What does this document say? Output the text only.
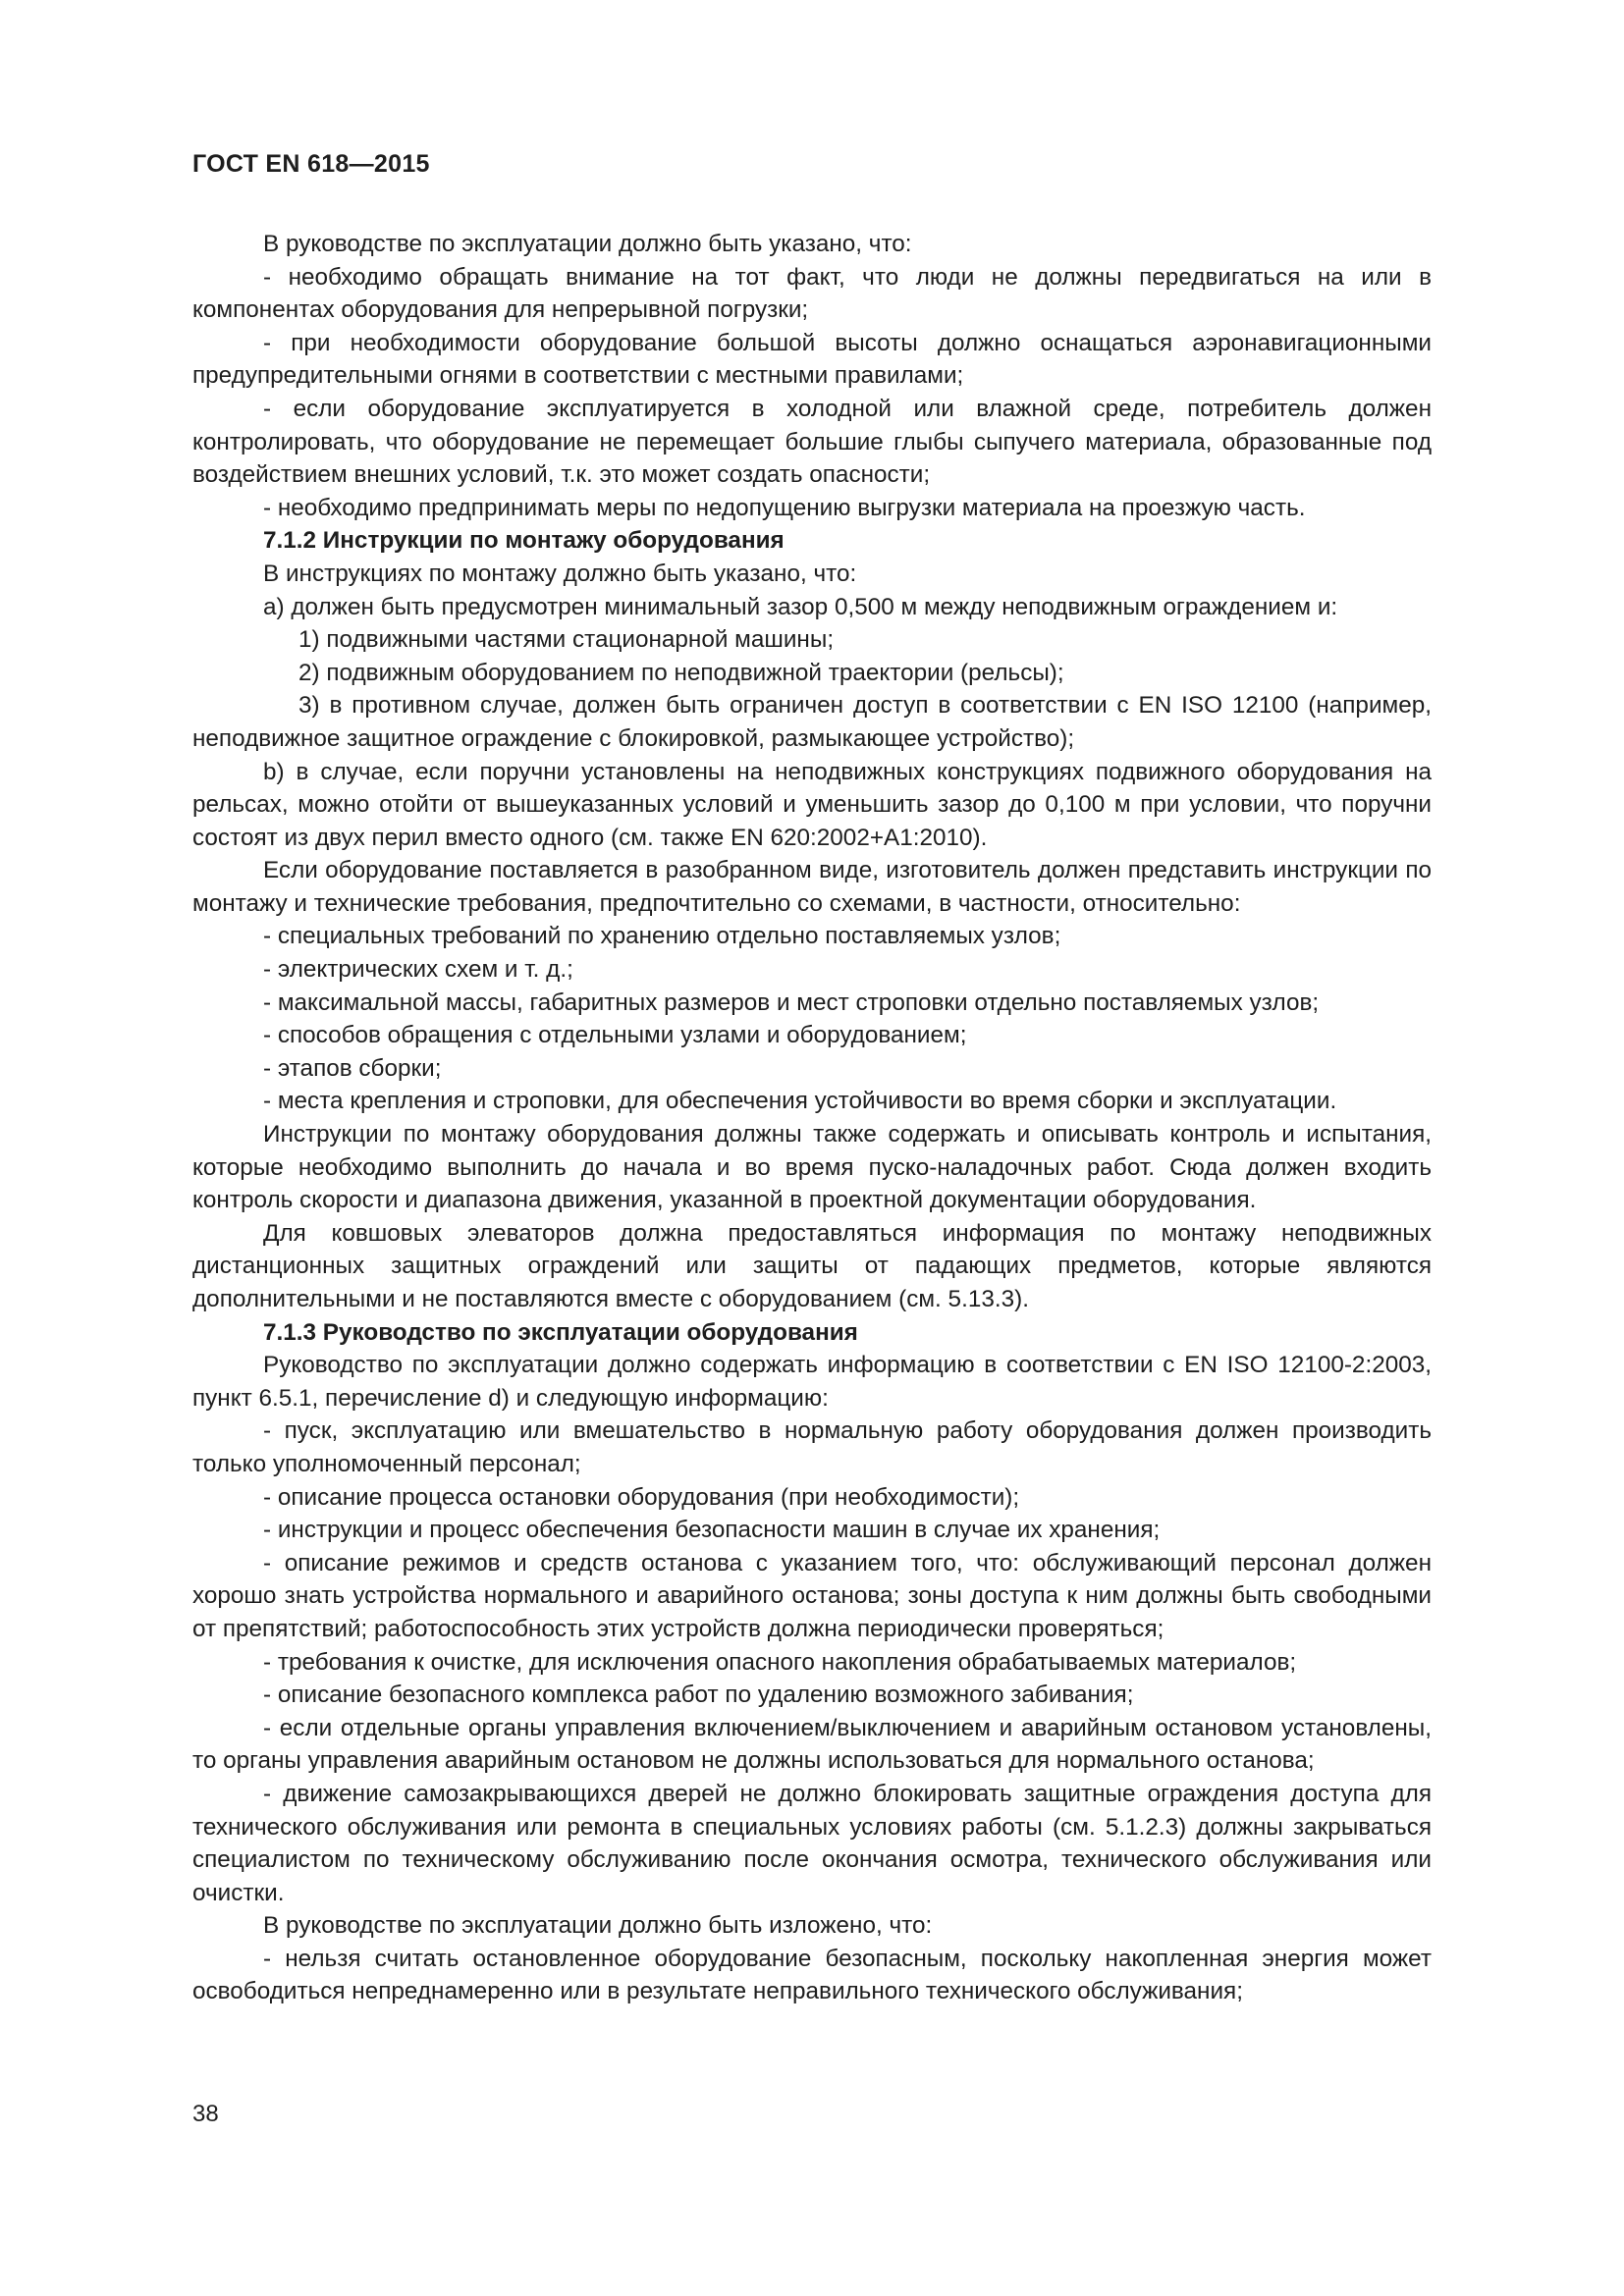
ГОСТ EN 618—2015

В руководстве по эксплуатации должно быть указано, что:

- необходимо обращать внимание на тот факт, что люди не должны передвигаться на или в компонентах оборудования для непрерывной погрузки;

- при необходимости оборудование большой высоты должно оснащаться аэронавигационными предупредительными огнями в соответствии с местными правилами;

- если оборудование эксплуатируется в холодной или влажной среде, потребитель должен контролировать, что оборудование не перемещает большие глыбы сыпучего материала, образованные под воздействием внешних условий, т.к. это может создать опасности;

- необходимо предпринимать меры по недопущению выгрузки материала на проезжую часть.

7.1.2 Инструкции по монтажу оборудования

В инструкциях по монтажу должно быть указано, что:

а) должен быть предусмотрен минимальный зазор 0,500 м между неподвижным ограждением и:

1) подвижными частями стационарной машины;

2) подвижным оборудованием по неподвижной траектории (рельсы);

3) в противном случае, должен быть ограничен доступ в соответствии с EN ISO 12100 (например, неподвижное защитное ограждение с блокировкой, размыкающее устройство);

b) в случае, если поручни установлены на неподвижных конструкциях подвижного оборудования на рельсах, можно отойти от вышеуказанных условий и уменьшить зазор до 0,100 м при условии, что поручни состоят из двух перил вместо одного (см. также EN 620:2002+A1:2010).

Если оборудование поставляется в разобранном виде, изготовитель должен представить инструкции по монтажу и технические требования, предпочтительно со схемами, в частности, относительно:

- специальных требований по хранению отдельно поставляемых узлов;

- электрических схем и т. д.;

- максимальной массы, габаритных размеров и мест строповки отдельно поставляемых узлов;

- способов обращения с отдельными узлами и оборудованием;

- этапов сборки;

- места крепления и строповки, для обеспечения устойчивости во время сборки и эксплуатации.

Инструкции по монтажу оборудования должны также содержать и описывать контроль и испытания, которые необходимо выполнить до начала и во время пуско-наладочных работ. Сюда должен входить контроль скорости и диапазона движения, указанной в проектной документации оборудования.

Для ковшовых элеваторов должна предоставляться информация по монтажу неподвижных дистанционных защитных ограждений или защиты от падающих предметов, которые являются дополнительными и не поставляются вместе с оборудованием (см. 5.13.3).

7.1.3 Руководство по эксплуатации оборудования

Руководство по эксплуатации должно содержать информацию в соответствии с EN ISO 12100-2:2003, пункт 6.5.1, перечисление d) и следующую информацию:

- пуск, эксплуатацию или вмешательство в нормальную работу оборудования должен производить только уполномоченный персонал;

- описание процесса остановки оборудования (при необходимости);

- инструкции и процесс обеспечения безопасности машин в случае их хранения;

- описание режимов и средств останова с указанием того, что: обслуживающий персонал должен хорошо знать устройства нормального и аварийного останова; зоны доступа к ним должны быть свободными от препятствий; работоспособность этих устройств должна периодически проверяться;

- требования к очистке, для исключения опасного накопления обрабатываемых материалов;

- описание безопасного комплекса работ по удалению возможного забивания;

- если отдельные органы управления включением/выключением и аварийным остановом установлены, то органы управления аварийным остановом не должны использоваться для нормального останова;

- движение самозакрывающихся дверей не должно блокировать защитные ограждения доступа для технического обслуживания или ремонта в специальных условиях работы (см. 5.1.2.3) должны закрываться специалистом по техническому обслуживанию после окончания осмотра, технического обслуживания или очистки.

В руководстве по эксплуатации должно быть изложено, что:

- нельзя считать остановленное оборудование безопасным, поскольку накопленная энергия может освободиться непреднамеренно или в результате неправильного технического обслуживания;

38
